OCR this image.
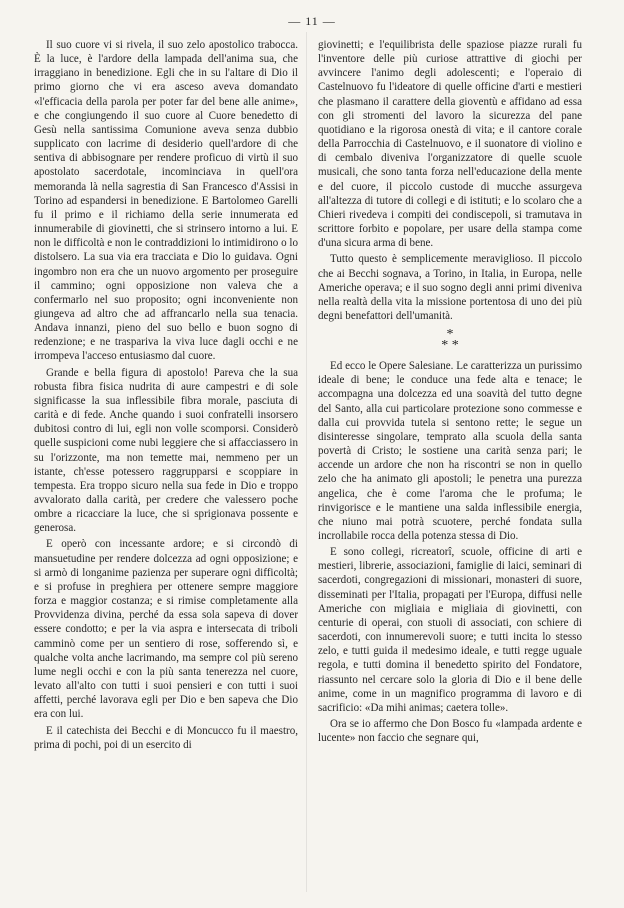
— 11 —

Il suo cuore vi si rivela, il suo zelo apostolico trabocca. È la luce, è l'ardore della lampada dell'anima sua, che irraggiano in benedizione. Egli che in su l'altare di Dio il primo giorno che vi era asceso aveva domandato «l'efficacia della parola per poter far del bene alle anime», e che congiungendo il suo cuore al Cuore benedetto di Gesù nella santissima Comunione aveva senza dubbio supplicato con lacrime di desiderio quell'ardore di che sentiva di abbisognare per rendere proficuo di virtù il suo apostolato sacerdotale, incominciava in quell'ora memoranda là nella sagrestia di San Francesco d'Assisi in Torino ad espandersi in benedizione. E Bartolomeo Garelli fu il primo e il richiamo della serie innumerata ed innumerabile di giovinetti, che si strinsero intorno a lui. E non le difficoltà e non le contraddizioni lo intimidirono o lo distolsero. La sua via era tracciata e Dio lo guidava. Ogni ingombro non era che un nuovo argomento per proseguire il cammino; ogni opposizione non valeva che a confermarlo nel suo proposito; ogni inconveniente non giungeva ad altro che ad affrancarlo nella sua tenacia. Andava innanzi, pieno del suo bello e buon sogno di redenzione; e ne traspariva la viva luce dagli occhi e ne irrompeva l'acceso entusiasmo dal cuore.

Grande e bella figura di apostolo! Pareva che la sua robusta fibra fisica nudrita di aure campestri e di sole significasse la sua inflessibile fibra morale, pasciuta di carità e di fede. Anche quando i suoi confratelli insorsero dubitosi contro di lui, egli non volle scomporsi. Considerò quelle suspicioni come nubi leggiere che si affacciassero in su l'orizzonte, ma non temette mai, nemmeno per un istante, ch'esse potessero raggrupparsi e scoppiare in tempesta. Era troppo sicuro nella sua fede in Dio e troppo avvalorato dalla carità, per credere che valessero poche ombre a ricacciare la luce, che si sprigionava possente e generosa.

E operò con incessante ardore; e si circondò di mansuetudine per rendere dolcezza ad ogni opposizione; e si armò di longanime pazienza per superare ogni difficoltà; e si profuse in preghiera per ottenere sempre maggiore forza e maggior costanza; e si rimise completamente alla Provvidenza divina, perché da essa sola sapeva di dover essere condotto; e per la via aspra e intersecata di triboli camminò come per un sentiero di rose, sofferendo sì, e qualche volta anche lacrimando, ma sempre col più sereno lume negli occhi e con la più santa tenerezza nel cuore, levato all'alto con tutti i suoi pensieri e con tutti i suoi affetti, perché lavorava egli per Dio e ben sapeva che Dio era con lui.

E il catechista dei Becchi e di Moncucco fu il maestro, prima di pochi, poi di un esercito di

giovinetti; e l'equilibrista delle spaziose piazze rurali fu l'inventore delle più curiose attrattive di giochi per avvincere l'animo degli adolescenti; e l'operaio di Castelnuovo fu l'ideatore di quelle officine d'arti e mestieri che plasmano il carattere della gioventù e affidano ad essa con gli stromenti del lavoro la sicurezza del pane quotidiano e la rigorosa onestà di vita; e il cantore corale della Parrocchia di Castelnuovo, e il suonatore di violino e di cembalo diveniva l'organizzatore di quelle scuole musicali, che sono tanta forza nell'educazione della mente e del cuore, il piccolo custode di mucche assurgeva all'altezza di tutore di collegi e di istituti; e lo scolaro che a Chieri rivedeva i compiti dei condiscepoli, si tramutava in scrittore forbito e popolare, per usare della stampa come d'una sicura arma di bene.

Tutto questo è semplicemente meraviglioso. Il piccolo che ai Becchi sognava, a Torino, in Italia, in Europa, nelle Americhe operava; e il suo sogno degli anni primi diveniva nella realtà della vita la missione portentosa di uno dei più degni benefattori dell'umanità.

*
* *

Ed ecco le Opere Salesiane. Le caratterizza un purissimo ideale di bene; le conduce una fede alta e tenace; le accompagna una dolcezza ed una soavità del tutto degne del Santo, alla cui particolare protezione sono commesse e dalla cui provvida tutela si sentono rette; le segue un disinteresse singolare, temprato alla scuola della santa povertà di Cristo; le sostiene una carità senza pari; le accende un ardore che non ha riscontri se non in quello zelo che ha animato gli apostoli; le penetra una purezza angelica, che è come l'aroma che le profuma; le rinvigorisce e le mantiene una salda inflessibile energia, che niuno mai potrà scuotere, perché fondata sulla incrollabile rocca della potenza stessa di Dio.

E sono collegi, ricreatorî, scuole, officine di arti e mestieri, librerie, associazioni, famiglie di laici, seminari di sacerdoti, congregazioni di missionari, monasteri di suore, disseminati per l'Italia, propagati per l'Europa, diffusi nelle Americhe con migliaia e migliaia di giovinetti, con centurie di operai, con stuoli di associati, con schiere di sacerdoti, con innumerevoli suore; e tutti incita lo stesso zelo, e tutti guida il medesimo ideale, e tutti regge uguale regola, e tutti domina il benedetto spirito del Fondatore, riassunto nel cercare solo la gloria di Dio e il bene delle anime, come in un magnifico programma di lavoro e di sacrificio: «Da mihi animas; caetera tolle».

Ora se io affermo che Don Bosco fu «lampada ardente e lucente» non faccio che segnare qui,
